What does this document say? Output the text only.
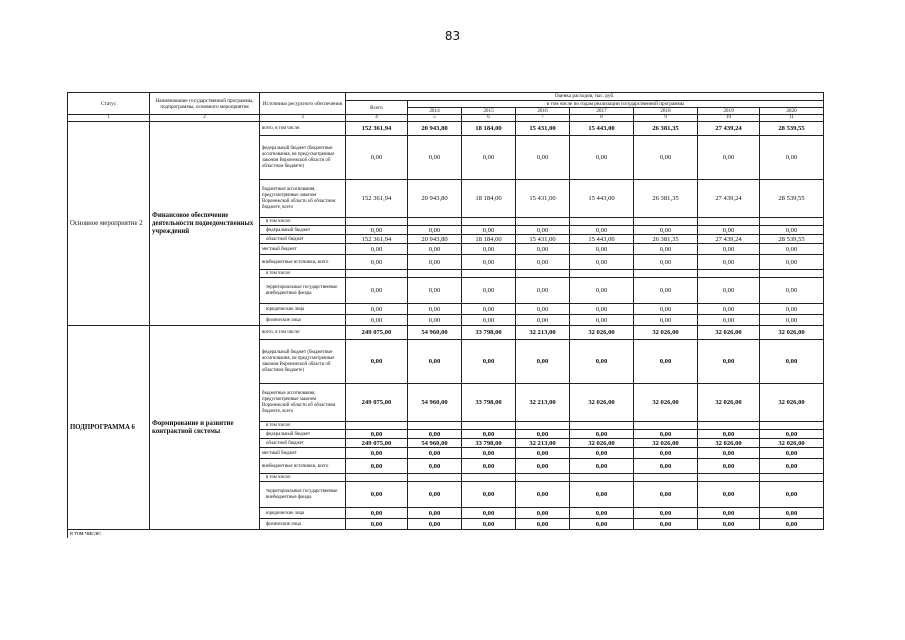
83
Статус	Наименование государственной программы, подпрограммы, основного мероприятия	Источники ресурсного обеспечения	Оценка расходов, тыс. руб.							
			Всего	в том числе по годам реализации государственной программы						
				2014	2015	2016	2017	2018	2019	2020
1	2	3	4	5	6	7	8	9	10	11
Основное мероприятие 2	Финансовое обеспечение деятельности подведомственных учреждений	всего, в том числе:	152 361,94	20 943,80	18 184,00	15 431,00	15 443,00	26 381,35	27 439,24	28 539,55
		федеральный бюджет (бюджетные ассигнования, не предусмотренные законом Воронежской области об областном бюджете)	0,00	0,00	0,00	0,00	0,00	0,00	0,00	0,00
		бюджетные ассигнования, предусмотренные законом Воронежской области об областном бюджете, всего	152 361,94	20 943,80	18 184,00	15 431,00	15 443,00	26 381,35	27 439,24	28 539,55
		в том числе:								
		федеральный бюджет	0,00	0,00	0,00	0,00	0,00	0,00	0,00	0,00
		областной бюджет	152 361,94	20 943,80	18 184,00	15 431,00	15 443,00	26 381,35	27 439,24	28 539,55
		местный бюджет	0,00	0,00	0,00	0,00	0,00	0,00	0,00	0,00
		внебюджетные источники, всего	0,00	0,00	0,00	0,00	0,00	0,00	0,00	0,00
		в том числе:								
		территориальные государственные внебюджетные фонды	0,00	0,00	0,00	0,00	0,00	0,00	0,00	0,00
		юридические лица	0,00	0,00	0,00	0,00	0,00	0,00	0,00	0,00
		физические лица	0,00	0,00	0,00	0,00	0,00	0,00	0,00	0,00
ПОДПРОГРАММА 6	Формирование и развитие контрактной системы	всего, в том числе:	249 075,00	54 960,00	33 798,00	32 213,00	32 026,00	32 026,00	32 026,00	32 026,00
		федеральный бюджет (бюджетные ассигнования, не предусмотренные законом Воронежской области об областном бюджете)	0,00	0,00	0,00	0,00	0,00	0,00	0,00	0,00
		бюджетные ассигнования, предусмотренные законом Воронежской области об областном бюджете, всего	249 075,00	54 960,00	33 798,00	32 213,00	32 026,00	32 026,00	32 026,00	32 026,00
		в том числе:								
		федеральный бюджет	0,00	0,00	0,00	0,00	0,00	0,00	0,00	0,00
		областной бюджет	249 075,00	54 960,00	33 798,00	32 213,00	32 026,00	32 026,00	32 026,00	32 026,00
		местный бюджет	0,00	0,00	0,00	0,00	0,00	0,00	0,00	0,00
		внебюджетные источники, всего	0,00	0,00	0,00	0,00	0,00	0,00	0,00	0,00
		в том числе:								
		территориальные государственные внебюджетные фонды	0,00	0,00	0,00	0,00	0,00	0,00	0,00	0,00
		юридические лица	0,00	0,00	0,00	0,00	0,00	0,00	0,00	0,00
		физические лица	0,00	0,00	0,00	0,00	0,00	0,00	0,00	0,00
в том числе:										
